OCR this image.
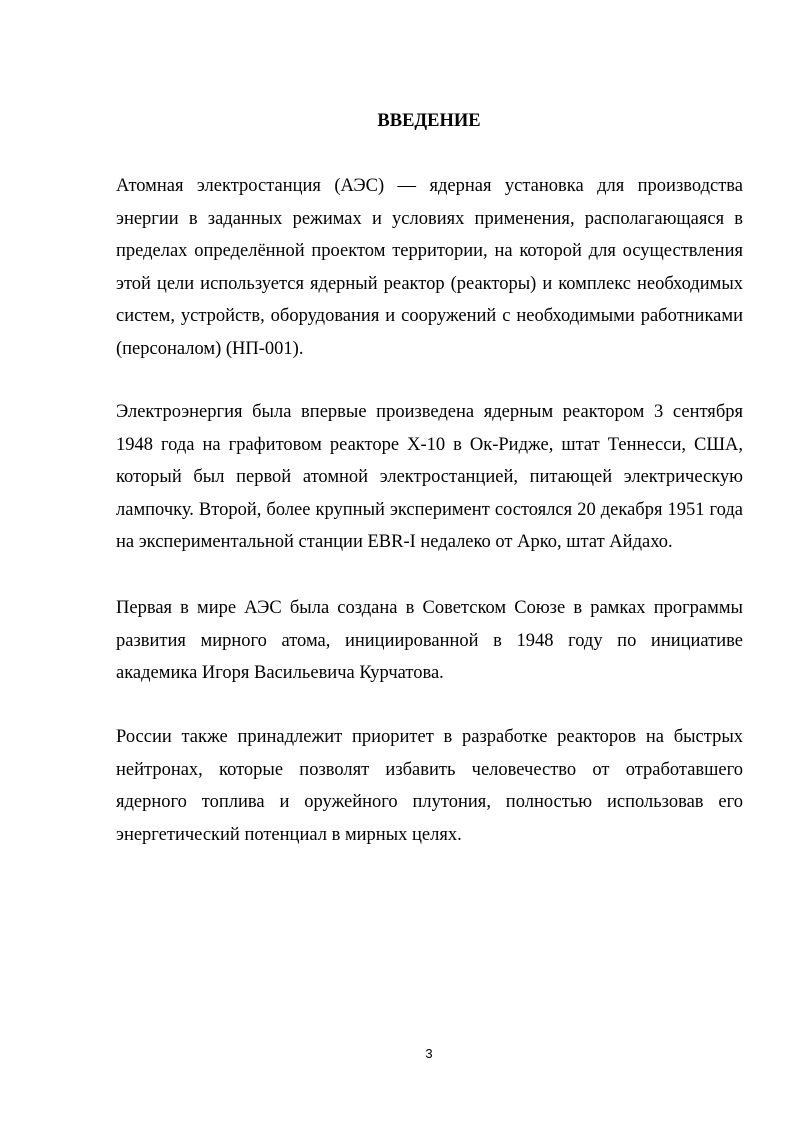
ВВЕДЕНИЕ

Атомная электростанция (АЭС) — ядерная установка для производства энергии в заданных режимах и условиях применения, располагающаяся в пределах определённой проектом территории, на которой для осуществления этой цели используется ядерный реактор (реакторы) и комплекс необходимых систем, устройств, оборудования и сооружений с необходимыми работниками (персоналом) (НП-001).

Электроэнергия была впервые произведена ядерным реактором 3 сентября 1948 года на графитовом реакторе X-10 в Ок-Ридже, штат Теннесси, США, который был первой атомной электростанцией, питающей электрическую лампочку. Второй, более крупный эксперимент состоялся 20 декабря 1951 года на экспериментальной станции EBR-I недалеко от Арко, штат Айдахо.

Первая в мире АЭС была создана в Советском Союзе в рамках программы развития мирного атома, инициированной в 1948 году по инициативе академика Игоря Васильевича Курчатова.

России также принадлежит приоритет в разработке реакторов на быстрых нейтронах, которые позволят избавить человечество от отработавшего ядерного топлива и оружейного плутония, полностью использовав его энергетический потенциал в мирных целях.

3
